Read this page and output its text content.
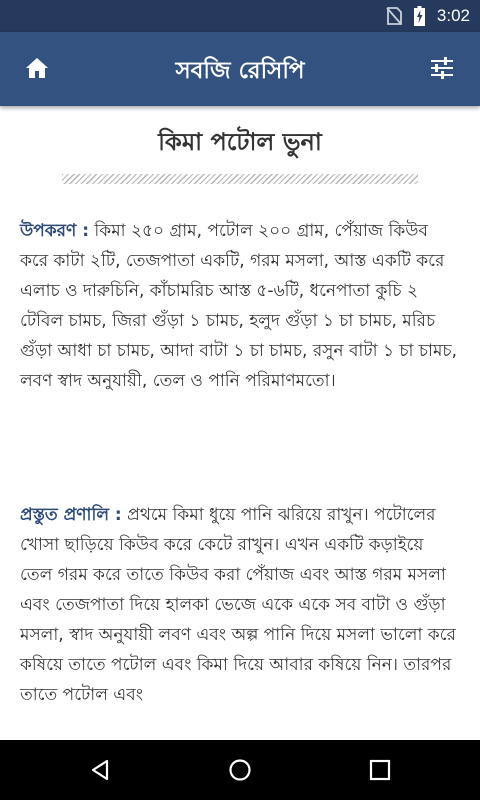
3:02
সবজি রেসিপি
কিমা পটোল ভুনা

উপকরণ : কিমা ২৫০ গ্রাম, পটোল ২০০ গ্রাম, পেঁয়াজ কিউব করে কাটা ২টি, তেজপাতা একটি, গরম মসলা, আস্ত একটি করে এলাচ ও দারুচিনি, কাঁচামরিচ আস্ত ৫-৬টি, ধনেপাতা কুচি ২ টেবিল চামচ, জিরা গুঁড়া ১ চামচ, হলুদ গুঁড়া ১ চা চামচ, মরিচ গুঁড়া আধা চা চামচ, আদা বাটা ১ চা চামচ, রসুন বাটা ১ চা চামচ, লবণ স্বাদ অনুযায়ী, তেল ও পানি পরিমাণমতো।

প্রস্তুত প্রণালি : প্রথমে কিমা ধুয়ে পানি ঝরিয়ে রাখুন। পটোলের খোসা ছাড়িয়ে কিউব করে কেটে রাখুন। এখন একটি কড়াইয়ে তেল গরম করে তাতে কিউব করা পেঁয়াজ এবং আস্ত গরম মসলা এবং তেজপাতা দিয়ে হালকা ভেজে একে একে সব বাটা ও গুঁড়া মসলা, স্বাদ অনুযায়ী লবণ এবং অল্প পানি দিয়ে মসলা ভালো করে কষিয়ে তাতে পটোল এবং কিমা দিয়ে আবার কষিয়ে নিন। তারপর তাতে পটোল এবং
